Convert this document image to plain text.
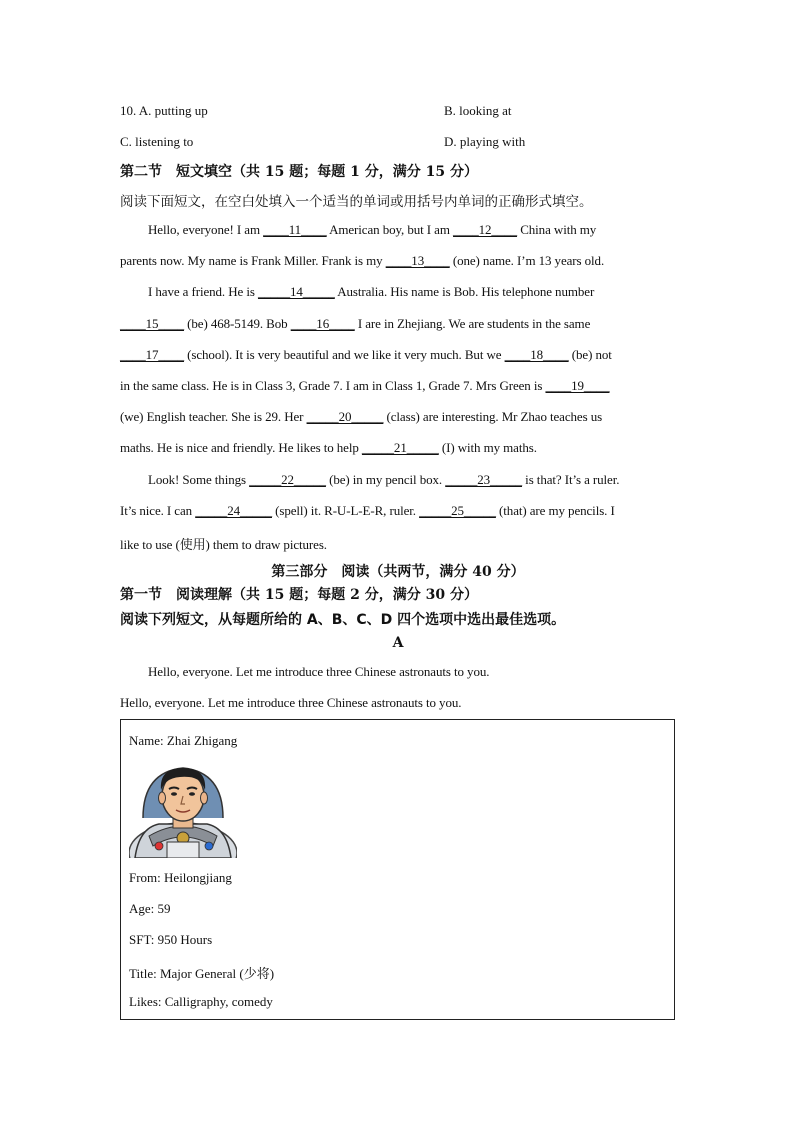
10. A. putting up	B. looking at
C. listening to	D. playing with
第二节　短文填空（共 15 题；每题 1 分，满分 15 分）
阅读下面短文，在空白处填入一个适当的单词或用括号内单词的正确形式填空。
Hello, everyone! I am ____11____ American boy, but I am ____12____ China with my
parents now. My name is Frank Miller. Frank is my ____13____ (one) name. I’m 13 years old.
I have a friend. He is _____14_____ Australia. His name is Bob. His telephone number
____15____ (be) 468-5149. Bob ____16____ I are in Zhejiang. We are students in the same
____17____ (school). It is very beautiful and we like it very much. But we ____18____ (be) not
in the same class. He is in Class 3, Grade 7. I am in Class 1, Grade 7. Mrs Green is ____19____
(we) English teacher. She is 29. Her _____20_____ (class) are interesting. Mr Zhao teaches us
maths. He is nice and friendly. He likes to help _____21_____ (I) with my maths.
Look! Some things _____22_____ (be) in my pencil box. _____23_____ is that? It’s a ruler.
It’s nice. I can _____24_____ (spell) it. R-U-L-E-R, ruler. _____25_____ (that) are my pencils. I
like to use (使用) them to draw pictures.
第三部分　阅读（共两节，满分 40 分）
第一节　阅读理解（共 15 题；每题 2 分，满分 30 分）
阅读下列短文，从每题所给的 A、B、C、D 四个选项中选出最佳选项。
A
Hello, everyone. Let me introduce three Chinese astronauts to you.
Hello, everyone. Let me introduce three Chinese astronauts to you.
Name: Zhai Zhigang
From: Heilongjiang
Age: 59
SFT: 950 Hours
Title: Major General (少将)
Likes: Calligraphy, comedy
